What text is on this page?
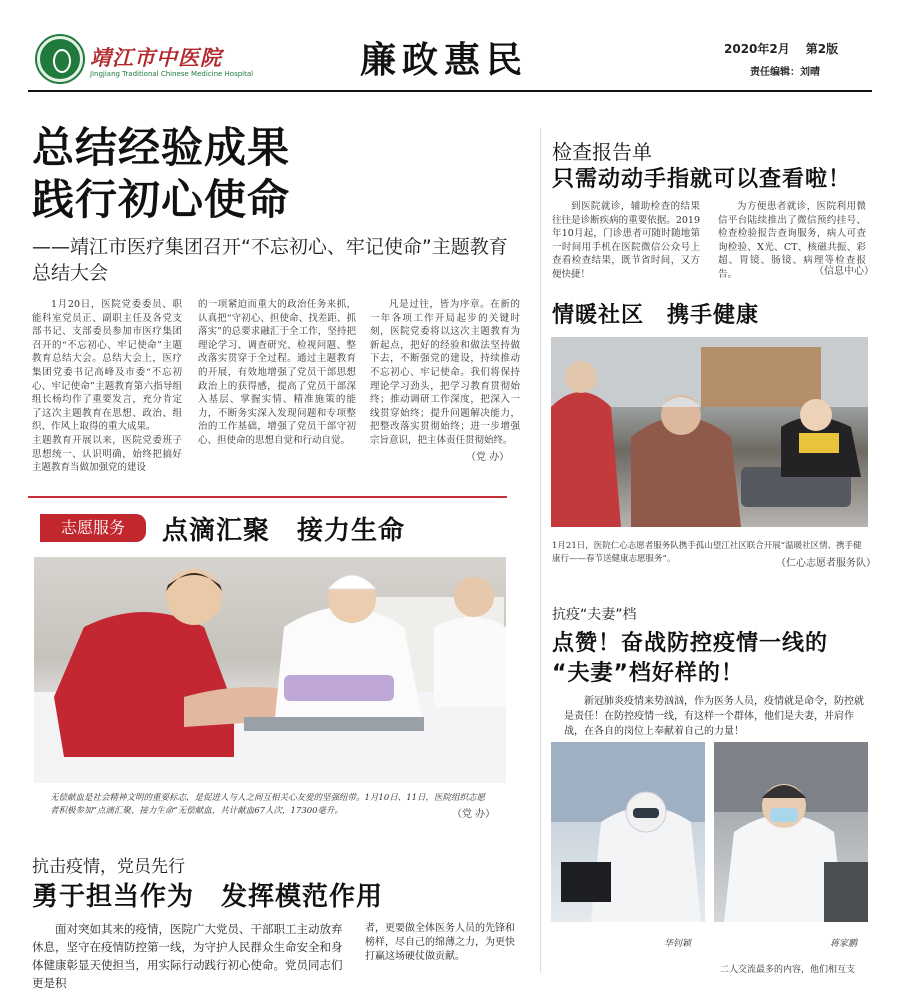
靖江市中医院
Jingjiang Traditional Chinese Medicine Hospital	廉政惠民	2020年2月 第2版
责任编辑：刘晴
总结经验成果
践行初心使命
——靖江市医疗集团召开“不忘初心、牢记使命”主题教育总结大会
1月20日，医院党委委员、职能科室党员正、副职主任及各党支部书记、支部委员参加市医疗集团召开的“不忘初心、牢记使命”主题教育总结大会。总结大会上，医疗集团党委书记高峰及市委“不忘初心、牢记使命”主题教育第六指导组组长杨均作了重要发言，充分肯定了这次主题教育在思想、政治、组织、作风上取得的重大成果。
主题教育开展以来，医院党委班子思想统一、认识明确，始终把搞好主题教育当做加强党的建设
的一项紧迫而重大的政治任务来抓，认真把“守初心、担使命、找差距、抓落实”的总要求融汇于全工作，坚持把理论学习、调查研究、检视问题、整改落实贯穿于全过程。通过主题教育的开展，有效地增强了党员干部思想政治上的获得感，提高了党员干部深入基层、掌握实情、精准施策的能力，不断务实深入发现问题和专项整治的工作基础，增强了党员干部守初心、担使命的思想自觉和行动自觉。
凡是过往，皆为序章。在新的一年各项工作开局起步的关键时刻，医院党委将以这次主题教育为新起点，把好的经验和做法坚持做下去，不断强党的建设，持续推动不忘初心、牢记使命。我们将保持理论学习劲头，把学习教育贯彻始终；推动调研工作深度，把深入一线贯穿始终；提升问题解决能力，把整改落实贯彻始终；进一步增强宗旨意识，把主体责任贯彻始终。
（党 办）
志愿服务	点滴汇聚　接力生命
无偿献血是社会精神文明的重要标志，是促进人与人之间互相关心友爱的坚强纽带。1月10日、11日，医院组织志愿者积极参加“点滴汇聚、接力生命”无偿献血，共计献血67人次，17300毫升。	（党 办）
抗击疫情，党员先行
勇于担当作为　发挥模范作用
面对突如其来的疫情，医院广大党员、干部职工主动放弃休息，坚守在疫情防控第一线，为守护人民群众生命安全和身体健康彰显天使担当，用实际行动践行初心使命。党员同志们更是积
者，更要做全体医务人员的先锋和榜样，尽自己的绵薄之力，为更快打赢这场硬仗做贡献。
检查报告单
只需动动手指就可以查看啦！
到医院就诊，辅助检查的结果往往是诊断疾病的重要依据。2019年10月起，门诊患者可随时随地第一时间用手机在医院微信公众号上查看检查结果，既节省时间，又方便快捷！
为方便患者就诊，医院利用微信平台陆续推出了微信预约挂号、检查检验报告查询服务，病人可查询检验、X光、CT、核磁共振、彩超、胃镜、肠镜、病理等检查报告。	（信息中心）
情暖社区　携手健康
1月21日，医院仁心志愿者服务队携手孤山望江社区联合开展“温暖社区情、携手健康行——春节送健康志愿服务”。	（仁心志愿者服务队）
抗疫“夫妻”档
点赞！奋战防控疫情一线的
“夫妻”档好样的！
新冠肺炎疫情来势汹汹，作为医务人员，疫情就是命令，防控就是责任！在防控疫情一线，有这样一个群体，他们是夫妻，并肩作战，在各自的岗位上奉献着自己的力量！
华钊颖	蒋家鹏
二人交流最多的内容，他们相互支
